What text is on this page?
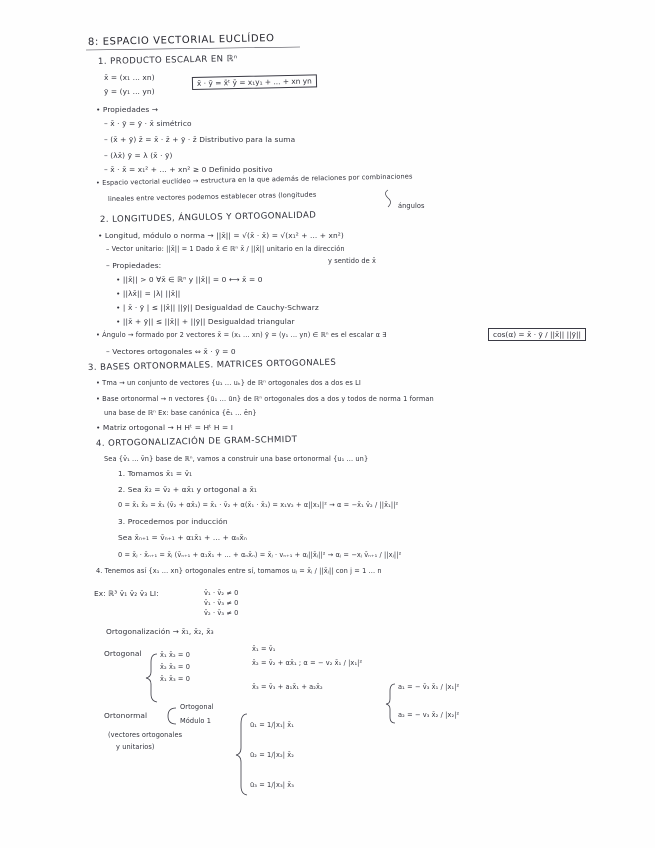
8: ESPACIO VECTORIAL EUCLÍDEO
1. PRODUCTO ESCALAR EN ℝⁿ
x̄ = (x₁ ... xn)
ȳ = (y₁ ... yn)
x̄ · ȳ = x̄ᵗ ȳ = x₁y₁ + ... + xn yn
• Propiedades →
– x̄ · ȳ = ȳ · x̄ simétrico
– (x̄ + ȳ) z̄ = x̄ · z̄ + ȳ · z̄ Distributivo para la suma
– (λx̄) ȳ = λ (x̄ · ȳ)
– x̄ · x̄ = x₁² + ... + xn² ≥ 0 Definido positivo
• Espacio vectorial euclídeo → estructura en la que además de relaciones por combinaciones
lineales entre vectores podemos establecer otras (longitudes
ángulos
2. LONGITUDES, ÁNGULOS Y ORTOGONALIDAD
• Longitud, módulo o norma → ||x̄|| = √(x̄ · x̄) = √(x₁² + ... + xn²)
– Vector unitario: ||x̄|| = 1 Dado x̄ ∈ ℝⁿ x̄ / ||x̄|| unitario en la dirección
y sentido de x̄
– Propiedades:
• ||x̄|| > 0 ∀x̄ ∈ ℝⁿ y ||x̄|| = 0 ⟷ x̄ = 0
• ||λx̄|| = |λ| ||x̄||
• | x̄ · ȳ | ≤ ||x̄|| ||ȳ|| Desigualdad de Cauchy-Schwarz
• ||x̄ + ȳ|| ≤ ||x̄|| + ||ȳ|| Desigualdad triangular
• Ángulo → formado por 2 vectores x̄ = (x₁ ... xn) ȳ = (y₁ ... yn) ∈ ℝⁿ es el escalar α ∃	cos(α) = x̄ · ȳ / ||x̄|| ||ȳ||
– Vectores ortogonales ⇔ x̄ · ȳ = 0
3. BASES ORTONORMALES. MATRICES ORTOGONALES
• Tma → un conjunto de vectores {u₁ ... uₖ} de ℝⁿ ortogonales dos a dos es LI
• Base ortonormal → n vectores {ū₁ ... ūn} de ℝⁿ ortogonales dos a dos y todos de norma 1 forman
una base de ℝⁿ Ex: base canónica {ē₁ ... ēn}
• Matriz ortogonal → H Hᵗ = Hᵗ H = I
4. ORTOGONALIZACIÓN DE GRAM-SCHMIDT
Sea {v̄₁ ... v̄n} base de ℝⁿ, vamos a construir una base ortonormal {u₁ ... un}
1. Tomamos x̄₁ = v̄₁
2. Sea x̄₂ = v̄₂ + αx̄₁ y ortogonal a x̄₁
0 = x̄₁ x̄₂ = x̄₁ (v̄₂ + αx̄₁) = x̄₁ · v̄₂ + α(x̄₁ · x̄₁) = x₁v₂ + α||x₁||² → α = −x̄₁ v̄₂ / ||x̄₁||²
3. Procedemos por inducción
Sea x̄ₙ₊₁ = v̄ₙ₊₁ + α₁x̄₁ + ... + αₙx̄ₙ
0 = x̄ⱼ · x̄ₙ₊₁ = x̄ⱼ (v̄ₙ₊₁ + α₁x̄₁ + ... + αₙx̄ₙ) = x̄ⱼ · vₙ₊₁ + αⱼ||x̄ⱼ||² → αⱼ = −xⱼ v̄ₙ₊₁ / ||xⱼ||²
4. Tenemos así {x₁ ... xn} ortogonales entre sí, tomamos uⱼ = x̄ⱼ / ||x̄ⱼ|| con j = 1 ... n
Ex: ℝ³ v̄₁ v̄₂ v̄₃ LI:	v̄₁ · v̄₂ ≠ 0
v̄₁ · v̄₃ ≠ 0
v̄₂ · v̄₃ ≠ 0
Ortogonalización → x̄₁, x̄₂, x̄₃
Ortogonal	x̄₁ x̄₂ = 0
x̄₂ x̄₃ = 0
x̄₁ x̄₃ = 0
x̄₁ = v̄₁
x̄₂ = v̄₂ + αx̄₁ ; α = − v₂ x̄₁ / |x₁|²
x̄₃ = v̄₃ + a₁x̄₁ + a₂x̄₂	a₁ = − v̄₃ x̄₁ / |x₁|²
a₂ = − v₃ x̄₂ / |x₂|²
Ortonormal
Ortogonal
Módulo 1
(vectores ortogonales
y unitarios)
ū₁ = 1/|x₁| x̄₁
ū₂ = 1/|x₂| x̄₂
ū₃ = 1/|x₃| x̄₃
